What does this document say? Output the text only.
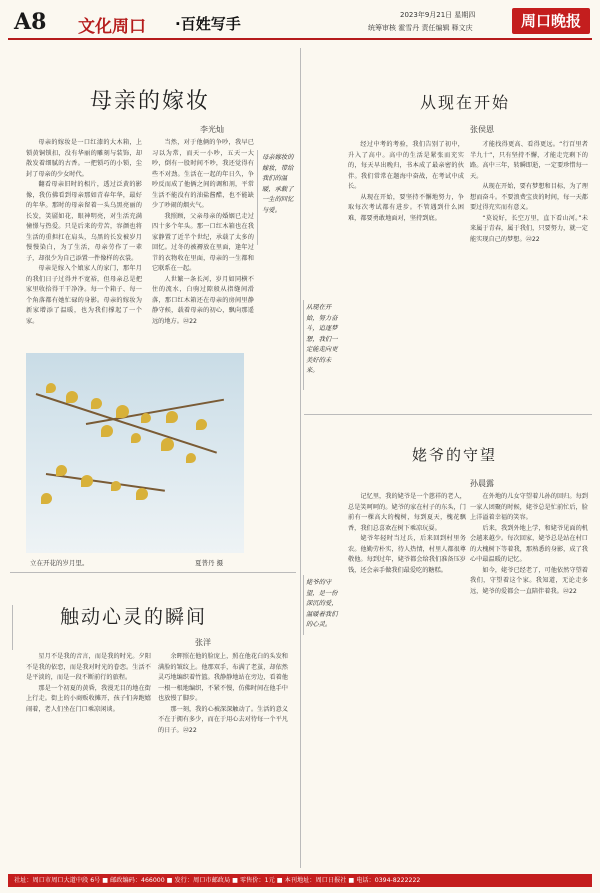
A8 文化周口 ·百姓写手	2023年9月21日 星期四
统筹审核 霍雪丹 责任编辑 释文庆	周口晚报
母亲的嫁妆
李光灿

母亲的嫁妆是一口红漆的大木箱，上锁黄铜锁扣，没有华丽的雕刻与装饰，却散发着细腻的古香。一把锁巧的小锁，尘封了母亲的少女时代。

翻看母亲旧时的相片，透过泛黄的影像，我仿佛看到母亲那如青春年华，最好的年华。那时的母亲留着一头乌黑亮丽的长发，笑靥如花，眼神明亮，对生活充满憧憬与热爱。只是后来的劳苦，容颜也将生活的重担扛在肩头，乌黑的长发被岁月慢慢染白，为了生活，母亲劳作了一辈子，却很少为自己添置一件像样的衣裳。

母亲是嫁入个娘家人的家门，那年月的我们日子过得并不宽裕，但母亲总是把家里收拾得干干净净。每一个箱子、每一个角落都有她忙碌的身影。母亲的嫁妆为新家增添了温暖，也为我们撑起了一个家。

当然，对于他俩的争吵，我早已习以为常，而天一小吵，五天一大吵，倒有一股时间不吵，我还觉得有些不对劲。生活在一起的年日久，争吵反而成了他俩之间的调和剂，平常生活不能没有的油盐酱醋，也不能缺少了吵闹的烟火气。

我照顾，父亲母亲的婚姻已走过四十多个年头。那一口红木箱也在我家静置了近半个世纪，承载了太多的回忆。过冬的被褥放在里面，逢年过节的衣物收在里面，母亲的一生都和它联系在一起。

人世繁一条长河，岁月如同横不住的流水，白驹过隙般从指缝间滑落，那口红木箱还在母亲的房间里静静守候，载着母亲的初心，飘向那遥远的地方。㉒22

母亲嫁妆的嫁妆，带给我们的温暖，承载了一生的回忆与爱。
立在开花的岁月里。	夏普丹 摄
触动心灵的瞬间
张洋

星月不是我的音言，而是我的时光。夕阳不是我的依恋，而是我对时光的眷恋。生活不是平淡的，而是一段不断前行的旅程。

那是一个初夏的黄昏，我漫无目的地在街上行走。街上的小商贩收摊开，孩子们奔跑嬉闹着，老人们坐在门口乘凉闲谈。

余晖照在他的脸庞上，照在他花白的头发和满脸的皱纹上。他那双手，布满了老茧，却依然灵巧地编织着竹篮。我静静地站在旁边，看着他一根一根地编织，不紧不慢，仿佛时间在他手中也放慢了脚步。

那一刻，我的心被深深触动了。生活的意义不在于拥有多少，而在于用心去对待每一个平凡的日子。㉒22

从现在开始
张侯恩
从现在开始，努力奋斗，追逐梦想，我们一定能走向更美好的未来。

经过中考的考验，我们告别了初中，升入了高中。高中的生活是紧张而充实的，每天早出晚归，书本成了最亲密的伙伴。我们常常在题海中奋战，在考试中成长。

从现在开始，要坚持不懈地努力，争取每次考试都有进步。不管遇到什么困难，都要勇敢地面对，坚持到底。

才能找得更高、看得更远。“行百里者半九十”，只有坚持不懈，才能走完剩下的路。高中三年，转瞬即逝，一定要珍惜每一天。

从现在开始，要有梦想和目标，为了理想而奋斗。不要浪费宝贵的时间，每一天都要过得充实而有意义。

“莫说好，长空万里，直下看山河。”未来属于青春，属于我们，只要努力，就一定能实现自己的梦想。㉒22

姥爷的守望
孙晨露
姥爷的守望，是一份深沉的爱，温暖着我们的心灵。

记忆里，我的姥爷是一个慈祥的老人，总是笑呵呵的。姥爷的家在村子的东头，门前有一棵高大的槐树，每到夏天，槐花飘香，我们总喜欢在树下乘凉玩耍。

姥爷年轻时当过兵，后来回到村里务农。他勤劳朴实，待人热情，村里人都很尊敬他。每到过年，姥爷都会给我们准备压岁钱，还会亲手做我们最爱吃的糖糕。

在外地的儿女守望着儿孙的回归。每到一家人团聚的时候，姥爷总是忙前忙后，脸上洋溢着幸福的笑容。

后来，我到外地上学，和姥爷见面的机会越来越少。每次回家，姥爷总是站在村口的大槐树下等着我，那熟悉的身影，成了我心中最温暖的记忆。

如今，姥爷已经老了，可他依然守望着我们，守望着这个家。我知道，无论走多远，姥爷的爱都会一直陪伴着我。㉒22

社址：周口市周口大道中段 6号 ■ 邮政编码：466000 ■ 发行：周口市邮政局 ■ 零售价：1元 ■ 本刊地址：周口日报社 ■ 电话：0394-8222222
